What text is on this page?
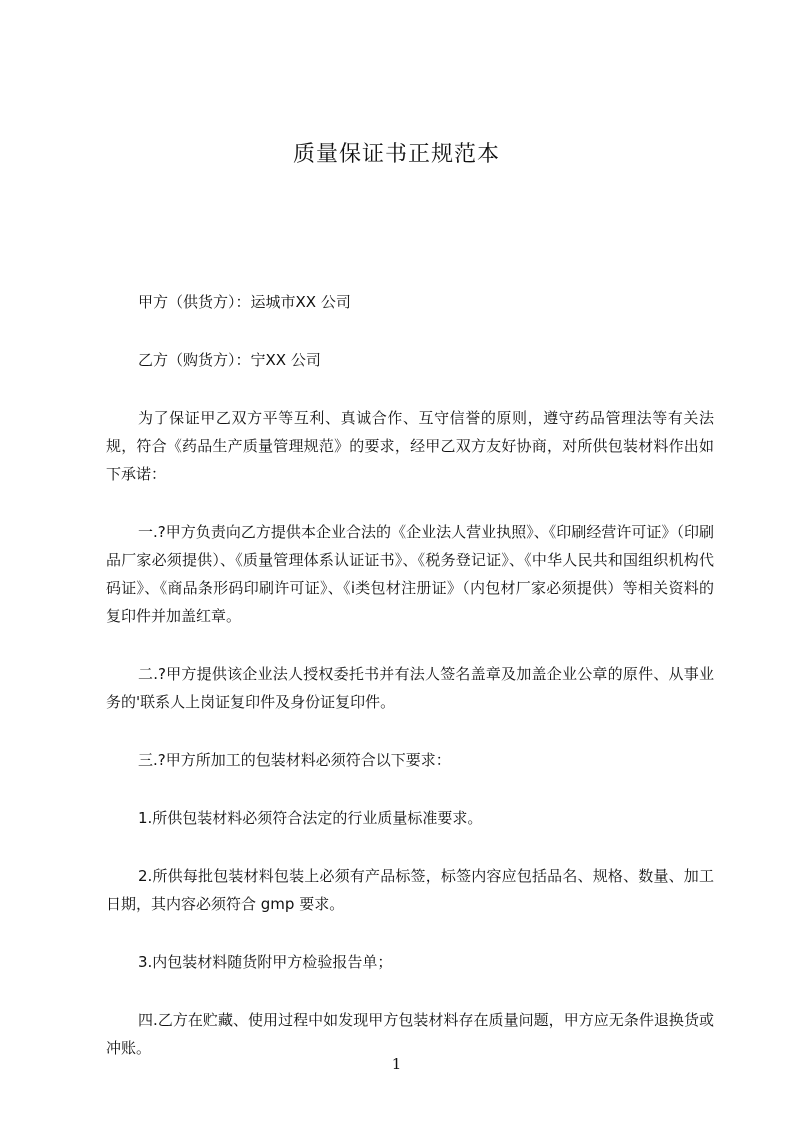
质量保证书正规范本

甲方（供货方）：运城市XX 公司

乙方（购货方）：宁XX 公司

为了保证甲乙双方平等互利、真诚合作、互守信誉的原则，遵守药品管理法等有关法规，符合《药品生产质量管理规范》的要求，经甲乙双方友好协商，对所供包装材料作出如下承诺：

一.?甲方负责向乙方提供本企业合法的《企业法人营业执照》、《印刷经营许可证》（印刷品厂家必须提供）、《质量管理体系认证证书》、《税务登记证》、《中华人民共和国组织机构代码证》、《商品条形码印刷许可证》、《ⅰ类包材注册证》（内包材厂家必须提供）等相关资料的复印件并加盖红章。

二.?甲方提供该企业法人授权委托书并有法人签名盖章及加盖企业公章的原件、从事业务的'联系人上岗证复印件及身份证复印件。

三.?甲方所加工的包装材料必须符合以下要求：

1.所供包装材料必须符合法定的行业质量标准要求。

2.所供每批包装材料包装上必须有产品标签，标签内容应包括品名、规格、数量、加工日期，其内容必须符合 gmp 要求。

3.内包装材料随货附甲方检验报告单；

四.乙方在贮藏、使用过程中如发现甲方包装材料存在质量问题，甲方应无条件退换货或冲账。

1
